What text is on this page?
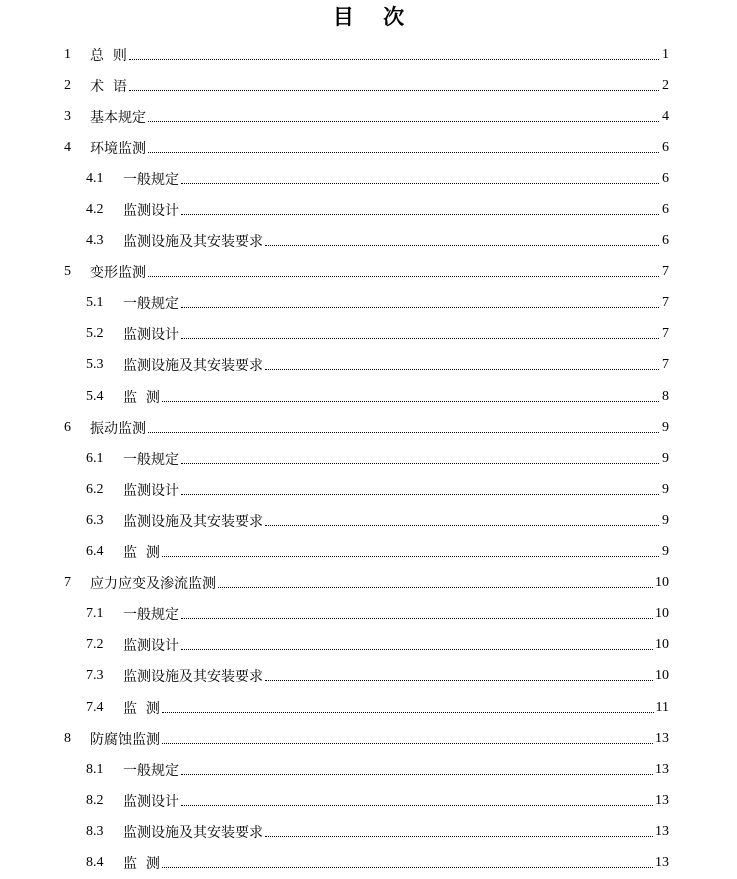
目    次
1 总  则	1
2 术  语	2
3 基本规定	4
4 环境监测	6
4.1 一般规定	6
4.2 监测设计	6
4.3 监测设施及其安装要求	6
5 变形监测	7
5.1 一般规定	7
5.2 监测设计	7
5.3 监测设施及其安装要求	7
5.4 监  测	8
6 振动监测	9
6.1 一般规定	9
6.2 监测设计	9
6.3 监测设施及其安装要求	9
6.4 监  测	9
7 应力应变及渗流监测	10
7.1 一般规定	10
7.2 监测设计	10
7.3 监测设施及其安装要求	10
7.4 监  测	11
8 防腐蚀监测	13
8.1 一般规定	13
8.2 监测设计	13
8.3 监测设施及其安装要求	13
8.4 监  测	13
